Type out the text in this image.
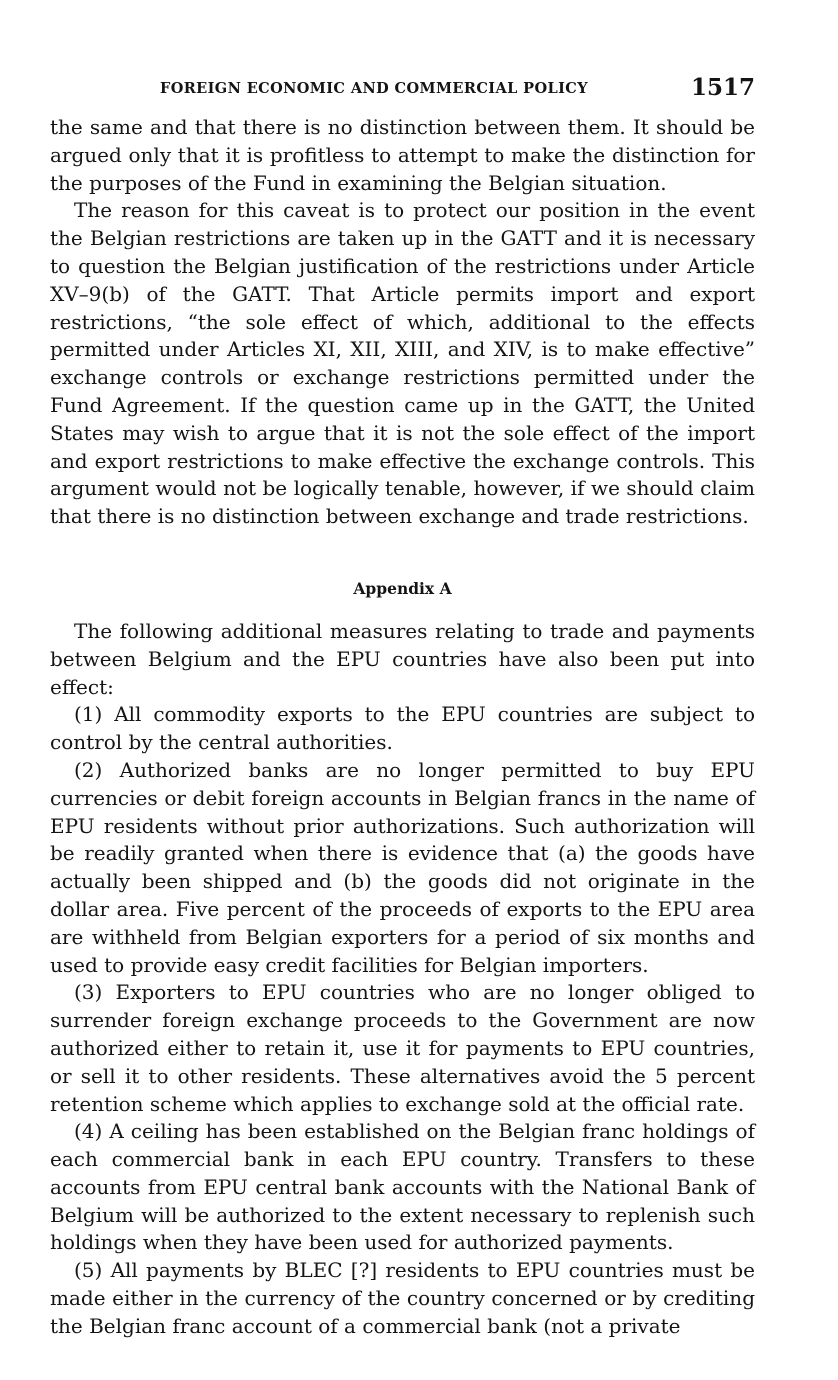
FOREIGN ECONOMIC AND COMMERCIAL POLICY	1517

the same and that there is no distinction between them. It should be argued only that it is profitless to attempt to make the distinction for the purposes of the Fund in examining the Belgian situation.

The reason for this caveat is to protect our position in the event the Belgian restrictions are taken up in the GATT and it is necessary to question the Belgian justification of the restrictions under Article XV–9(b) of the GATT. That Article permits import and export restrictions, “the sole effect of which, additional to the effects permitted under Articles XI, XII, XIII, and XIV, is to make effective” exchange controls or exchange restrictions permitted under the Fund Agreement. If the question came up in the GATT, the United States may wish to argue that it is not the sole effect of the import and export restrictions to make effective the exchange controls. This argument would not be logically tenable, however, if we should claim that there is no distinction between exchange and trade restrictions.

Appendix A

The following additional measures relating to trade and payments between Belgium and the EPU countries have also been put into effect:

(1) All commodity exports to the EPU countries are subject to control by the central authorities.

(2) Authorized banks are no longer permitted to buy EPU currencies or debit foreign accounts in Belgian francs in the name of EPU residents without prior authorizations. Such authorization will be readily granted when there is evidence that (a) the goods have actually been shipped and (b) the goods did not originate in the dollar area. Five percent of the proceeds of exports to the EPU area are withheld from Belgian exporters for a period of six months and used to provide easy credit facilities for Belgian importers.

(3) Exporters to EPU countries who are no longer obliged to surrender foreign exchange proceeds to the Government are now authorized either to retain it, use it for payments to EPU countries, or sell it to other residents. These alternatives avoid the 5 percent retention scheme which applies to exchange sold at the official rate.

(4) A ceiling has been established on the Belgian franc holdings of each commercial bank in each EPU country. Transfers to these accounts from EPU central bank accounts with the National Bank of Belgium will be authorized to the extent necessary to replenish such holdings when they have been used for authorized payments.

(5) All payments by BLEC [?] residents to EPU countries must be made either in the currency of the country concerned or by crediting the Belgian franc account of a commercial bank (not a private
